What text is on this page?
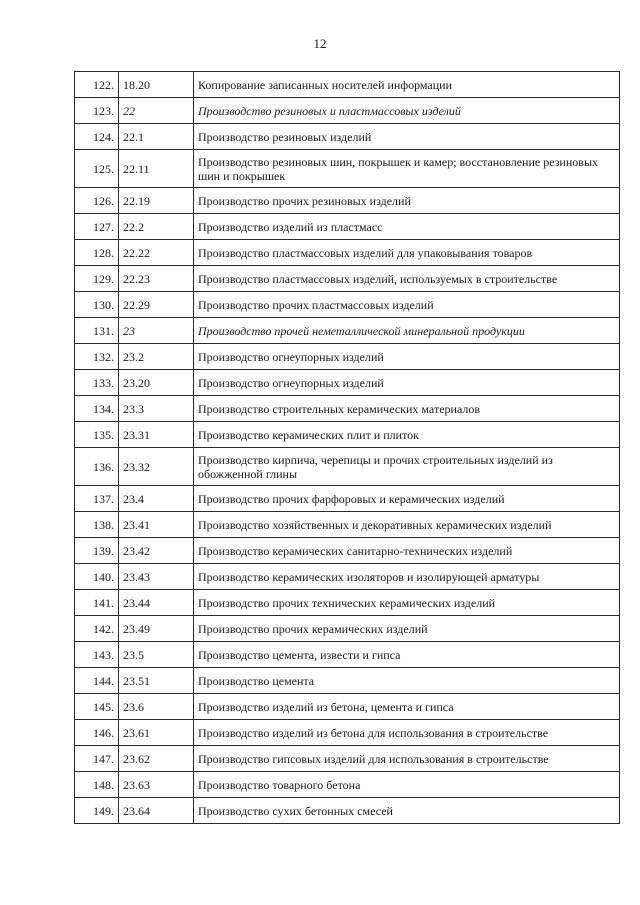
12
122.	18.20	Копирование записанных носителей информации
123.	22	Производство резиновых и пластмассовых изделий
124.	22.1	Производство резиновых изделий
125.	22.11	Производство резиновых шин, покрышек и камер; восстановление резиновых шин и покрышек
126.	22.19	Производство прочих резиновых изделий
127.	22.2	Производство изделий из пластмасс
128.	22.22	Производство пластмассовых изделий для упаковывания товаров
129.	22.23	Производство пластмассовых изделий, используемых в строительстве
130.	22.29	Производство прочих пластмассовых изделий
131.	23	Производство прочей неметаллической минеральной продукции
132.	23.2	Производство огнеупорных изделий
133.	23.20	Производство огнеупорных изделий
134.	23.3	Производство строительных керамических материалов
135.	23.31	Производство керамических плит и плиток
136.	23.32	Производство кирпича, черепицы и прочих строительных изделий из обожженной глины
137.	23.4	Производство прочих фарфоровых и керамических изделий
138.	23.41	Производство хозяйственных и декоративных керамических изделий
139.	23.42	Производство керамических санитарно-технических изделий
140.	23.43	Производство керамических изоляторов и изолирующей арматуры
141.	23.44	Производство прочих технических керамических изделий
142.	23.49	Производство прочих керамических изделий
143.	23.5	Производство цемента, извести и гипса
144.	23.51	Производство цемента
145.	23.6	Производство изделий из бетона, цемента и гипса
146.	23.61	Производство изделий из бетона для использования в строительстве
147.	23.62	Производство гипсовых изделий для использования в строительстве
148.	23.63	Производство товарного бетона
149.	23.64	Производство сухих бетонных смесей
